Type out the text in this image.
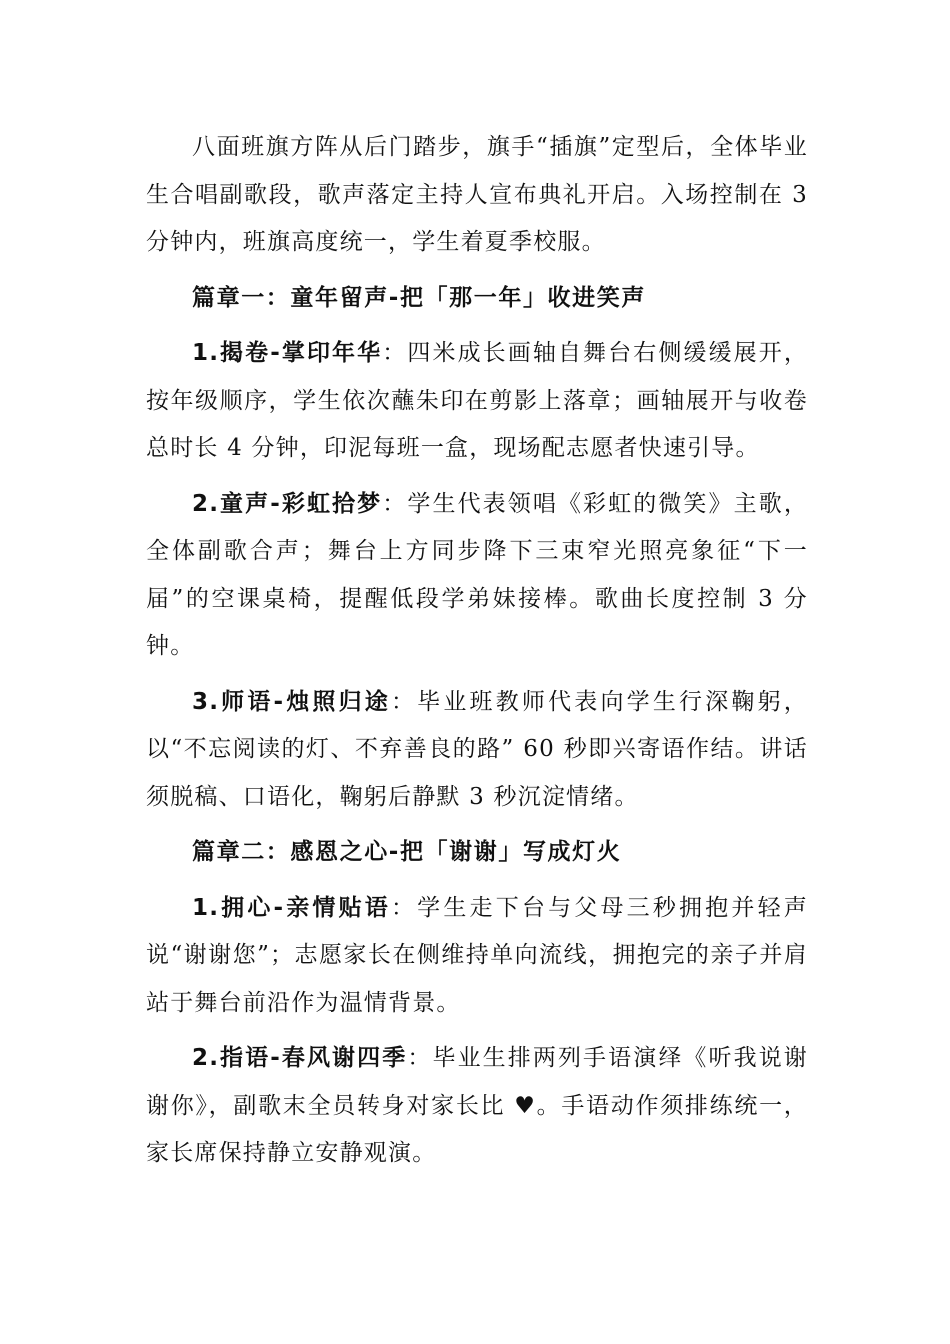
八面班旗方阵从后门踏步，旗手“插旗”定型后，全体毕业生合唱副歌段，歌声落定主持人宣布典礼开启。入场控制在 3 分钟内，班旗高度统一，学生着夏季校服。

篇章一：童年留声-把「那一年」收进笑声

1.揭卷-掌印年华：四米成长画轴自舞台右侧缓缓展开，按年级顺序，学生依次蘸朱印在剪影上落章；画轴展开与收卷总时长 4 分钟，印泥每班一盒，现场配志愿者快速引导。

2.童声-彩虹拾梦：学生代表领唱《彩虹的微笑》主歌，全体副歌合声；舞台上方同步降下三束窄光照亮象征“下一届”的空课桌椅，提醒低段学弟妹接棒。歌曲长度控制 3 分钟。

3.师语-烛照归途：毕业班教师代表向学生行深鞠躬，以“不忘阅读的灯、不弃善良的路” 60 秒即兴寄语作结。讲话须脱稿、口语化，鞠躬后静默 3 秒沉淀情绪。

篇章二：感恩之心-把「谢谢」写成灯火

1.拥心-亲情贴语：学生走下台与父母三秒拥抱并轻声说“谢谢您”；志愿家长在侧维持单向流线，拥抱完的亲子并肩站于舞台前沿作为温情背景。

2.指语-春风谢四季：毕业生排两列手语演绎《听我说谢谢你》，副歌末全员转身对家长比 ♥。手语动作须排练统一，家长席保持静立安静观演。
